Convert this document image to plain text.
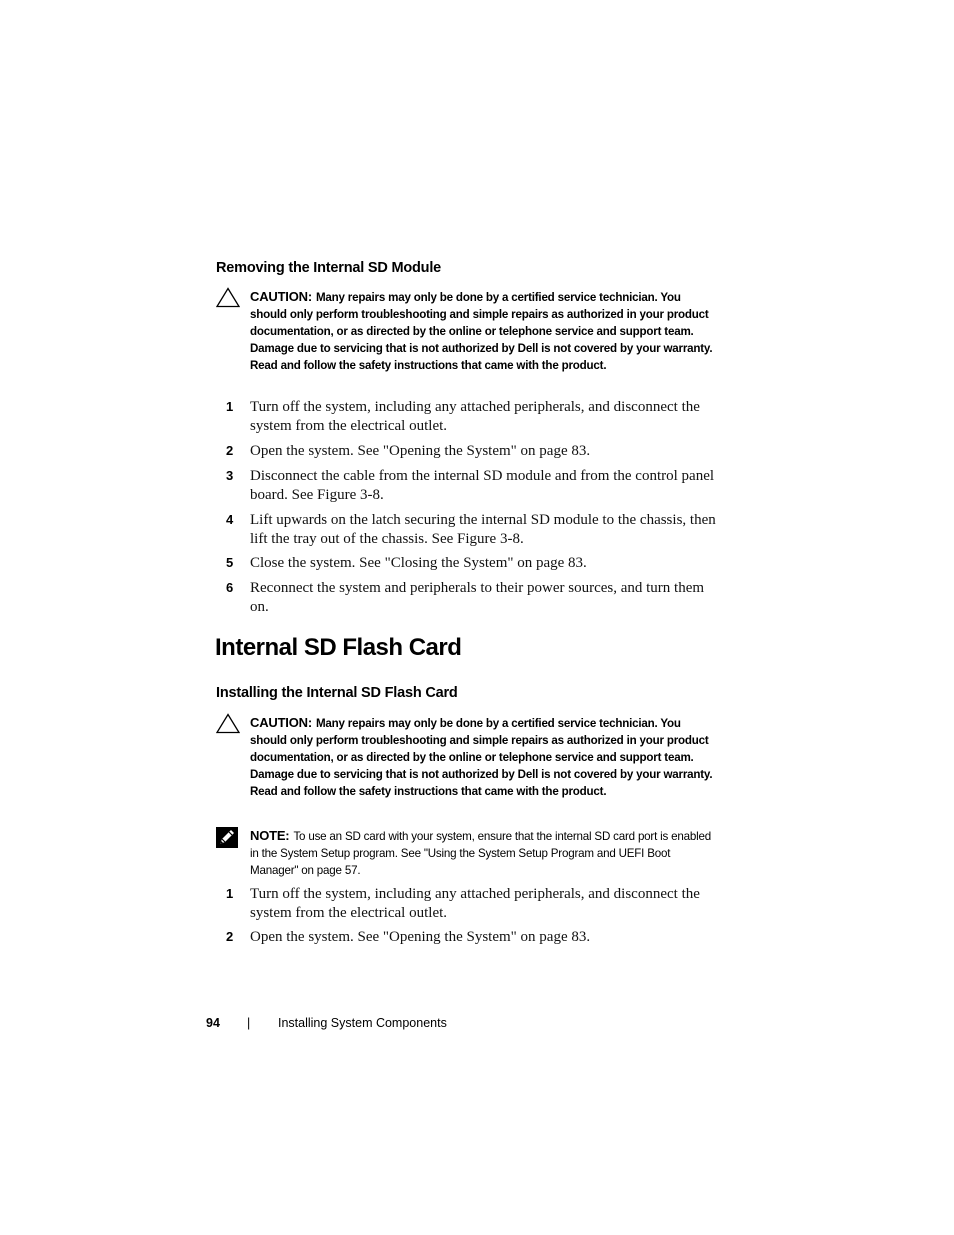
Removing the Internal SD Module
CAUTION: Many repairs may only be done by a certified service technician. You should only perform troubleshooting and simple repairs as authorized in your product documentation, or as directed by the online or telephone service and support team. Damage due to servicing that is not authorized by Dell is not covered by your warranty. Read and follow the safety instructions that came with the product.
1	Turn off the system, including any attached peripherals, and disconnect the system from the electrical outlet.
2	Open the system. See "Opening the System" on page 83.
3	Disconnect the cable from the internal SD module and from the control panel board. See Figure 3-8.
4	Lift upwards on the latch securing the internal SD module to the chassis, then lift the tray out of the chassis. See Figure 3-8.
5	Close the system. See "Closing the System" on page 83.
6	Reconnect the system and peripherals to their power sources, and turn them on.
Internal SD Flash Card
Installing the Internal SD Flash Card
CAUTION: Many repairs may only be done by a certified service technician. You should only perform troubleshooting and simple repairs as authorized in your product documentation, or as directed by the online or telephone service and support team. Damage due to servicing that is not authorized by Dell is not covered by your warranty. Read and follow the safety instructions that came with the product.
NOTE: To use an SD card with your system, ensure that the internal SD card port is enabled in the System Setup program. See "Using the System Setup Program and UEFI Boot Manager" on page 57.
1	Turn off the system, including any attached peripherals, and disconnect the system from the electrical outlet.
2	Open the system. See "Opening the System" on page 83.
94 | Installing System Components
